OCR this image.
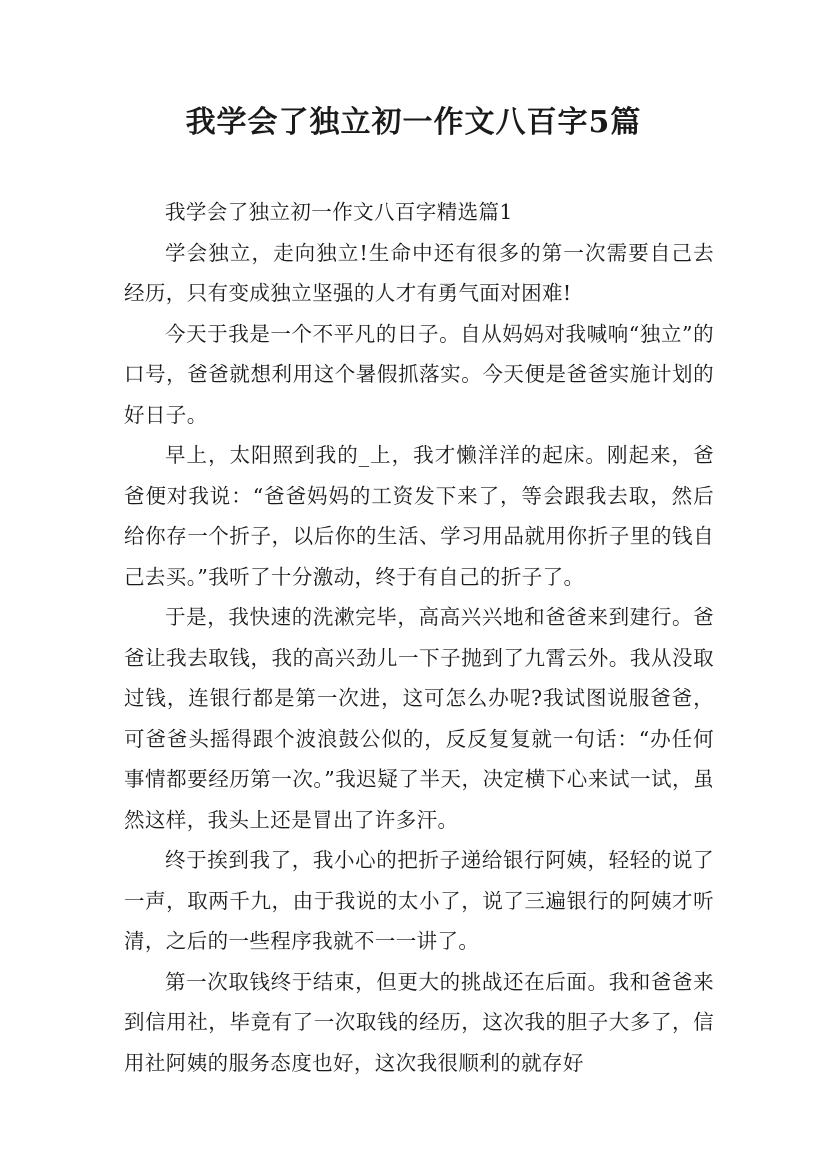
我学会了独立初一作文八百字5篇

我学会了独立初一作文八百字精选篇1

学会独立，走向独立!生命中还有很多的第一次需要自己去经历，只有变成独立坚强的人才有勇气面对困难!

今天于我是一个不平凡的日子。自从妈妈对我喊响“独立”的口号，爸爸就想利用这个暑假抓落实。今天便是爸爸实施计划的好日子。

早上，太阳照到我的_上，我才懒洋洋的起床。刚起来，爸爸便对我说：“爸爸妈妈的工资发下来了，等会跟我去取，然后给你存一个折子，以后你的生活、学习用品就用你折子里的钱自己去买。”我听了十分激动，终于有自己的折子了。

于是，我快速的洗漱完毕，高高兴兴地和爸爸来到建行。爸爸让我去取钱，我的高兴劲儿一下子抛到了九霄云外。我从没取过钱，连银行都是第一次进，这可怎么办呢?我试图说服爸爸，可爸爸头摇得跟个波浪鼓公似的，反反复复就一句话：“办任何事情都要经历第一次。”我迟疑了半天，决定横下心来试一试，虽然这样，我头上还是冒出了许多汗。

终于挨到我了，我小心的把折子递给银行阿姨，轻轻的说了一声，取两千九，由于我说的太小了，说了三遍银行的阿姨才听清，之后的一些程序我就不一一讲了。

第一次取钱终于结束，但更大的挑战还在后面。我和爸爸来到信用社，毕竟有了一次取钱的经历，这次我的胆子大多了，信用社阿姨的服务态度也好，这次我很顺利的就存好
